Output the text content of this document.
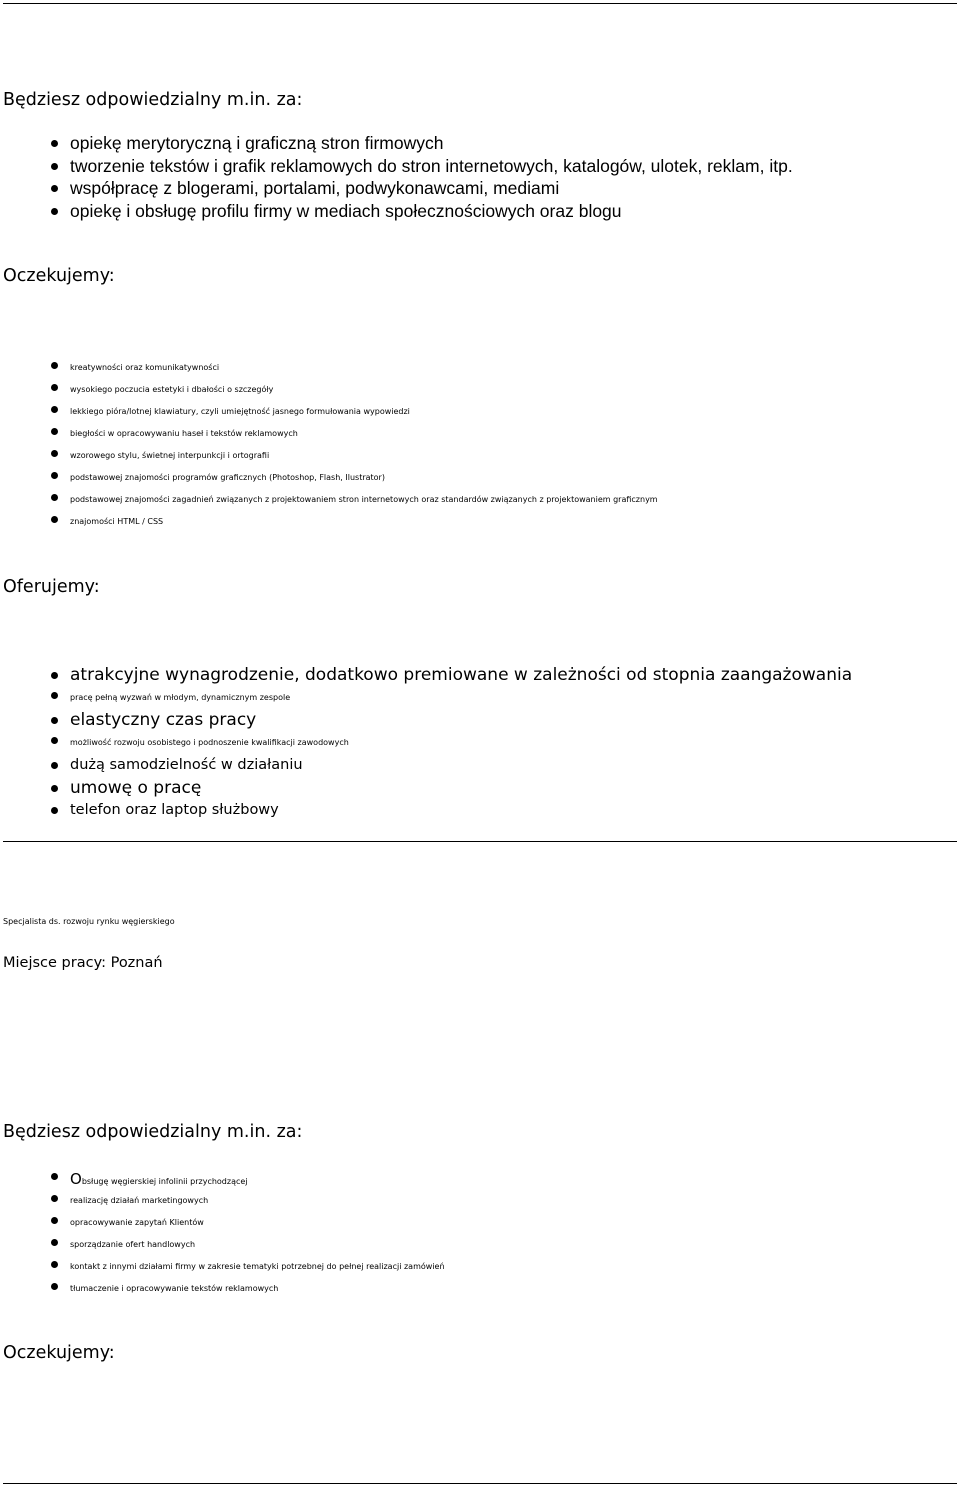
Będziesz odpowiedzialny m.in. za:
opiekę merytoryczną i graficzną stron firmowych
tworzenie tekstów i grafik reklamowych do stron internetowych, katalogów, ulotek, reklam, itp.
współpracę z blogerami, portalami, podwykonawcami, mediami
opiekę i obsługę profilu firmy w mediach społecznościowych oraz blogu
Oczekujemy:
kreatywności oraz komunikatywności
wysokiego poczucia estetyki i dbałości o szczegóły
lekkiego pióra/lotnej klawiatury, czyli umiejętność jasnego formułowania wypowiedzi
biegłości w opracowywaniu haseł i tekstów reklamowych
wzorowego stylu, świetnej interpunkcji i ortografii
podstawowej znajomości programów graficznych (Photoshop, Flash, Ilustrator)
podstawowej znajomości zagadnień związanych z projektowaniem stron internetowych oraz standardów związanych z projektowaniem graficznym
znajomości HTML / CSS
Oferujemy:
atrakcyjne wynagrodzenie, dodatkowo premiowane w zależności od stopnia zaangażowania
pracę pełną wyzwań w młodym, dynamicznym zespole
elastyczny czas pracy
możliwość rozwoju osobistego i podnoszenie kwalifikacji zawodowych
dużą samodzielność w działaniu
umowę o pracę
telefon oraz laptop służbowy
Specjalista ds. rozwoju rynku węgierskiego
Miejsce pracy: Poznań
Będziesz odpowiedzialny m.in. za:
Obsługę węgierskiej infolinii przychodzącej
realizację działań marketingowych
opracowywanie zapytań Klientów
sporządzanie ofert handlowych
kontakt z innymi działami firmy w zakresie tematyki potrzebnej do pełnej realizacji zamówień
tłumaczenie i opracowywanie tekstów reklamowych
Oczekujemy:
